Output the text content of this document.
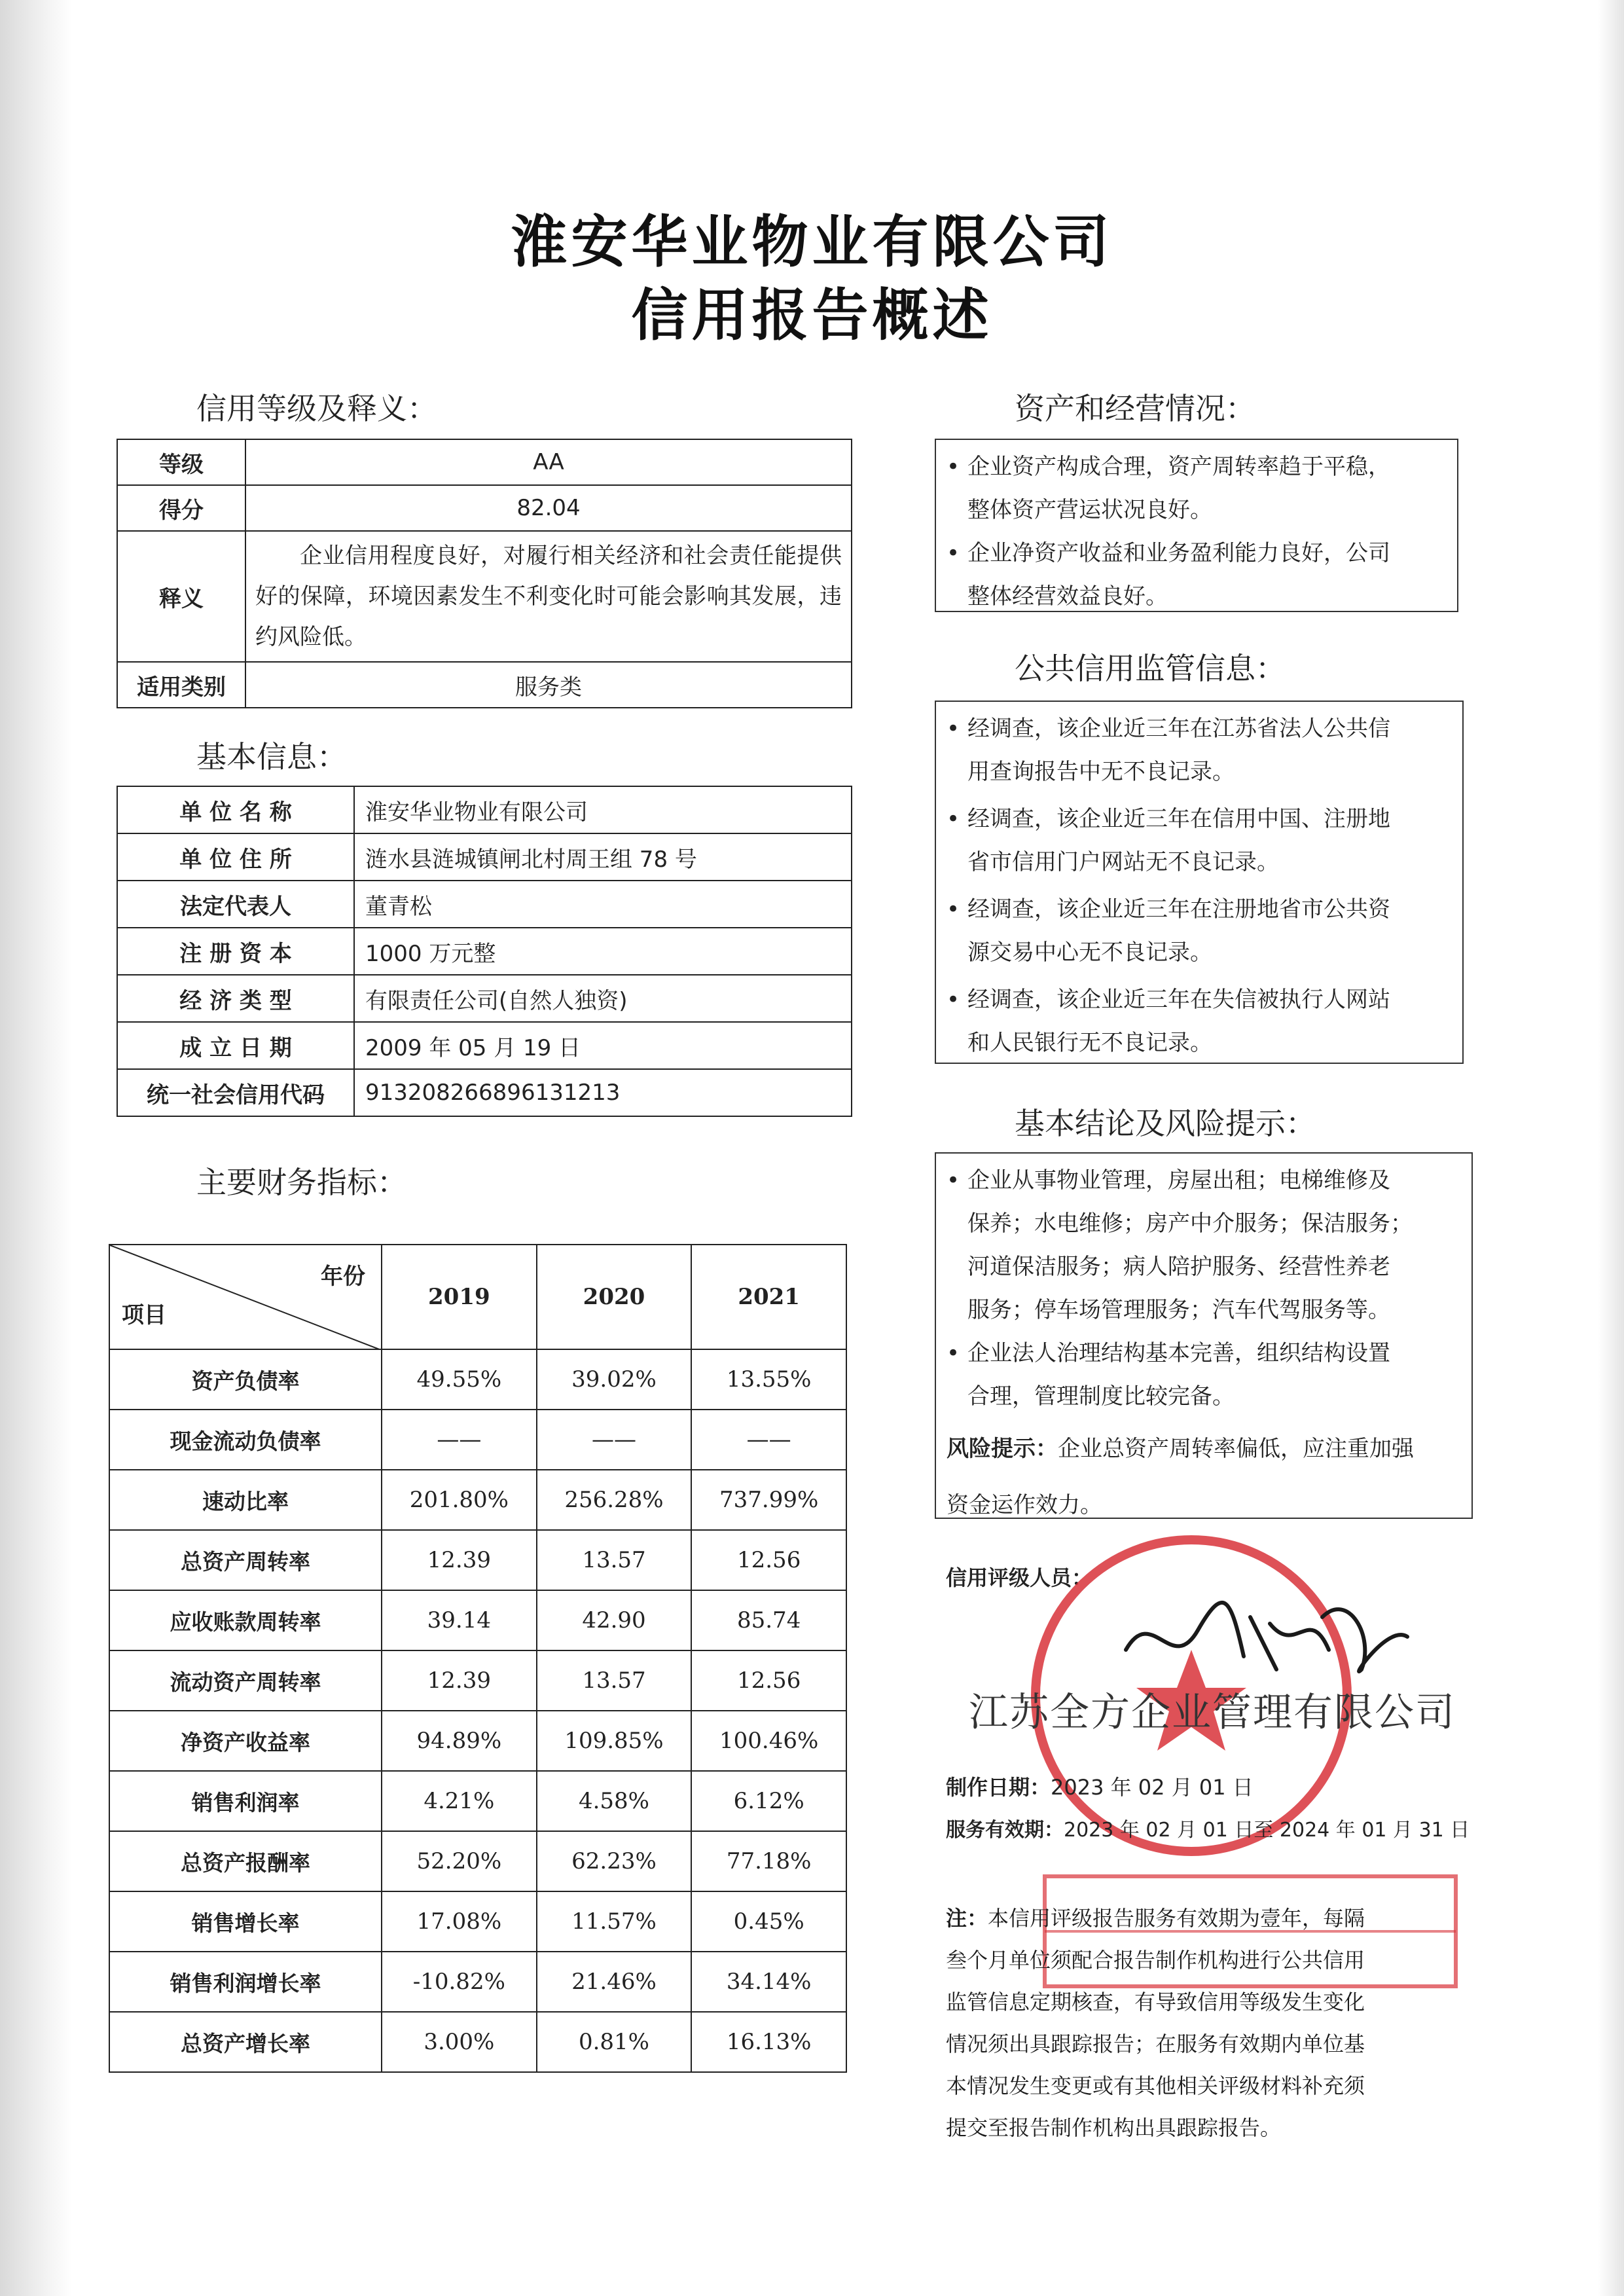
淮安华业物业有限公司
信用报告概述
信用等级及释义：
等级	AA
得分	82.04
释义	企业信用程度良好，对履行相关经济和社会责任能提供好的保障，环境因素发生不利变化时可能会影响其发展，违约风险低。
适用类别	服务类
基本信息：
单 位 名 称	淮安华业物业有限公司
单 位 住 所	涟水县涟城镇闸北村周王组 78 号
法定代表人	董青松
注 册 资 本	1000 万元整
经 济 类 型	有限责任公司(自然人独资)
成 立 日 期	2009 年 05 月 19 日
统一社会信用代码	913208266896131213
主要财务指标：
年份
项目	2019	2020	2021
资产负债率	49.55%	39.02%	13.55%
现金流动负债率	——	——	——
速动比率	201.80%	256.28%	737.99%
总资产周转率	12.39	13.57	12.56
应收账款周转率	39.14	42.90	85.74
流动资产周转率	12.39	13.57	12.56
净资产收益率	94.89%	109.85%	100.46%
销售利润率	4.21%	4.58%	6.12%
总资产报酬率	52.20%	62.23%	77.18%
销售增长率	17.08%	11.57%	0.45%
销售利润增长率	-10.82%	21.46%	34.14%
总资产增长率	3.00%	0.81%	16.13%
资产和经营情况：
• 企业资产构成合理，资产周转率趋于平稳，
整体资产营运状况良好。
• 企业净资产收益和业务盈利能力良好，公司
整体经营效益良好。
公共信用监管信息：
• 经调查，该企业近三年在江苏省法人公共信
用查询报告中无不良记录。
• 经调查，该企业近三年在信用中国、注册地
省市信用门户网站无不良记录。
• 经调查，该企业近三年在注册地省市公共资
源交易中心无不良记录。
• 经调查，该企业近三年在失信被执行人网站
和人民银行无不良记录。
基本结论及风险提示：
• 企业从事物业管理，房屋出租；电梯维修及
保养；水电维修；房产中介服务；保洁服务；
河道保洁服务；病人陪护服务、经营性养老
服务；停车场管理服务；汽车代驾服务等。
• 企业法人治理结构基本完善，组织结构设置
合理，管理制度比较完备。
风险提示：企业总资产周转率偏低，应注重加强
资金运作效力。
信用评级人员：
江苏全方企业管理有限公司
制作日期：2023 年 02 月 01 日
服务有效期：2023 年 02 月 01 日至 2024 年 01 月 31 日
注：本信用评级报告服务有效期为壹年，每隔
叁个月单位须配合报告制作机构进行公共信用
监管信息定期核查，有导致信用等级发生变化
情况须出具跟踪报告；在服务有效期内单位基
本情况发生变更或有其他相关评级材料补充须
提交至报告制作机构出具跟踪报告。
